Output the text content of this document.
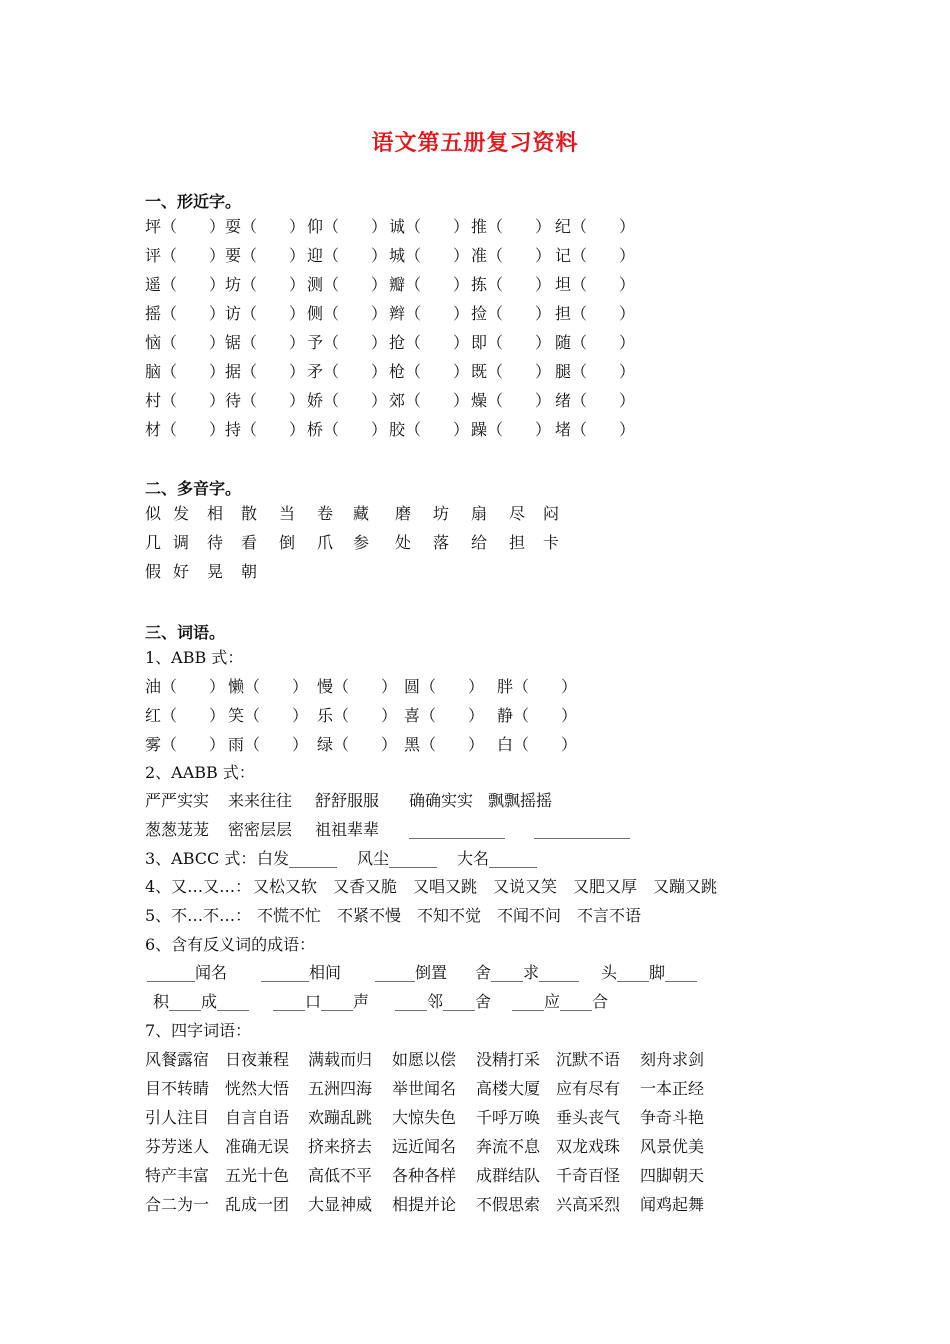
语文第五册复习资料
一、形近字。
坪（　　） 耍（　　） 仰（　　） 诚（　　） 推（　　） 纪（　　）
评（　　） 要（　　） 迎（　　） 城（　　） 准（　　） 记（　　）
遥（　　） 坊（　　） 测（　　） 瓣（　　） 拣（　　） 坦（　　）
摇（　　） 访（　　） 侧（　　） 辫（　　） 捡（　　） 担（　　）
恼（　　） 锯（　　） 予（　　） 抢（　　） 即（　　） 随（　　）
脑（　　） 据（　　） 矛（　　） 枪（　　） 既（　　） 腿（　　）
村（　　） 待（　　） 娇（　　） 郊（　　） 燥（　　） 绪（　　）
材（　　） 持（　　） 桥（　　） 胶（　　） 躁（　　） 堵（　　）
二、多音字。
似 发 相 散 当 卷 藏 磨 坊 扇 尽 闷
几 调 待 看 倒 爪 参 处 落 给 担 卡
假 好 晃 朝
三、词语。
1、ABB 式：
油（　　） 懒（　　） 慢（　　） 圆（　　） 胖（　　）
红（　　） 笑（　　） 乐（　　） 喜（　　） 静（　　）
雾（　　） 雨（　　） 绿（　　） 黑（　　） 白（　　）
2、AABB 式：
严严实实 来来往往 舒舒服服 确确实实 飘飘摇摇
葱葱茏茏 密密层层 祖祖辈辈 ____________ ____________
3、ABCC 式： 白发______ 风尘______ 大名______
4、又…又…： 又松又软 又香又脆 又唱又跳 又说又笑 又肥又厚 又蹦又跳
5、不…不…： 不慌不忙 不紧不慢 不知不觉 不闻不问 不言不语
6、含有反义词的成语：
______闻名 ______相间 _____倒置 舍____求_____ 头____脚____
积____成____ ____口____声 ____邻____舍 ____应____合
7、四字词语：
风餐露宿 日夜兼程 满载而归 如愿以偿 没精打采 沉默不语 刻舟求剑
目不转睛 恍然大悟 五洲四海 举世闻名 高楼大厦 应有尽有 一本正经
引人注目 自言自语 欢蹦乱跳 大惊失色 千呼万唤 垂头丧气 争奇斗艳
芬芳迷人 准确无误 挤来挤去 远近闻名 奔流不息 双龙戏珠 风景优美
特产丰富 五光十色 高低不平 各种各样 成群结队 千奇百怪 四脚朝天
合二为一 乱成一团 大显神威 相提并论 不假思索 兴高采烈 闻鸡起舞
